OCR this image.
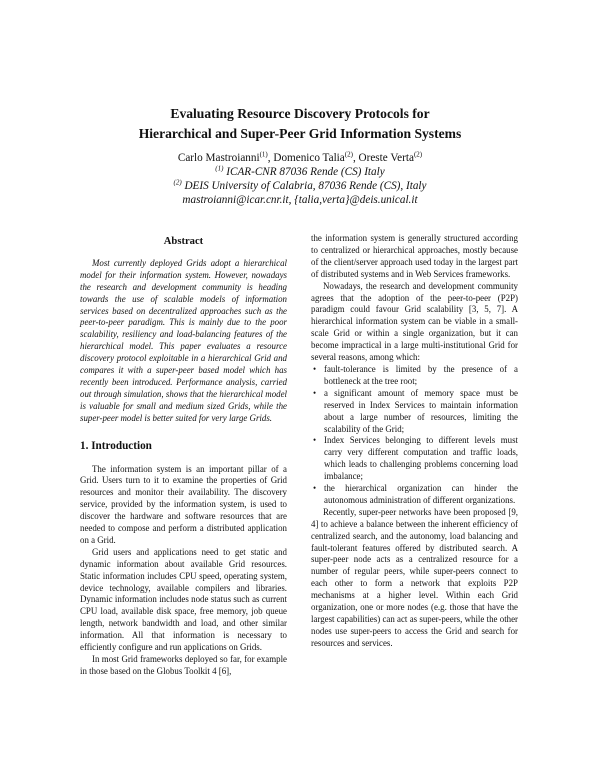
Evaluating Resource Discovery Protocols for
Hierarchical and Super-Peer Grid Information Systems
Carlo Mastroianni$^{(1)}$, Domenico Talia$^{(2)}$, Oreste Verta$^{(2)}$
$^{(1)}$ ICAR-CNR 87036 Rende (CS) Italy
$^{(2)}$ DEIS University of Calabria, 87036 Rende (CS), Italy
mastroianni@icar.cnr.it, {talia,verta}@deis.unical.it
Abstract

Most currently deployed Grids adopt a hierarchical model for their information system. However, nowadays the research and development community is heading towards the use of scalable models of information services based on decentralized approaches such as the peer-to-peer paradigm. This is mainly due to the poor scalability, resiliency and load-balancing features of the hierarchical model. This paper evaluates a resource discovery protocol exploitable in a hierarchical Grid and compares it with a super-peer based model which has recently been introduced. Performance analysis, carried out through simulation, shows that the hierarchical model is valuable for small and medium sized Grids, while the super-peer model is better suited for very large Grids.

1. Introduction

The information system is an important pillar of a Grid. Users turn to it to examine the properties of Grid resources and monitor their availability. The discovery service, provided by the information system, is used to discover the hardware and software resources that are needed to compose and perform a distributed application on a Grid.

Grid users and applications need to get static and dynamic information about available Grid resources. Static information includes CPU speed, operating system, device technology, available compilers and libraries. Dynamic information includes node status such as current CPU load, available disk space, free memory, job queue length, network bandwidth and load, and other similar information. All that information is necessary to efficiently configure and run applications on Grids.

In most Grid frameworks deployed so far, for example in those based on the Globus Toolkit 4 [6],

the information system is generally structured according to centralized or hierarchical approaches, mostly because of the client/server approach used today in the largest part of distributed systems and in Web Services frameworks.

Nowadays, the research and development community agrees that the adoption of the peer-to-peer (P2P) paradigm could favour Grid scalability [3, 5, 7]. A hierarchical information system can be viable in a small-scale Grid or within a single organization, but it can become impractical in a large multi-institutional Grid for several reasons, among which:

• fault-tolerance is limited by the presence of a bottleneck at the tree root;
• a significant amount of memory space must be reserved in Index Services to maintain information about a large number of resources, limiting the scalability of the Grid;
• Index Services belonging to different levels must carry very different computation and traffic loads, which leads to challenging problems concerning load imbalance;
• the hierarchical organization can hinder the autonomous administration of different organizations.

Recently, super-peer networks have been proposed [9, 4] to achieve a balance between the inherent efficiency of centralized search, and the autonomy, load balancing and fault-tolerant features offered by distributed search. A super-peer node acts as a centralized resource for a number of regular peers, while super-peers connect to each other to form a network that exploits P2P mechanisms at a higher level. Within each Grid organization, one or more nodes (e.g. those that have the largest capabilities) can act as super-peers, while the other nodes use super-peers to access the Grid and search for resources and services.
